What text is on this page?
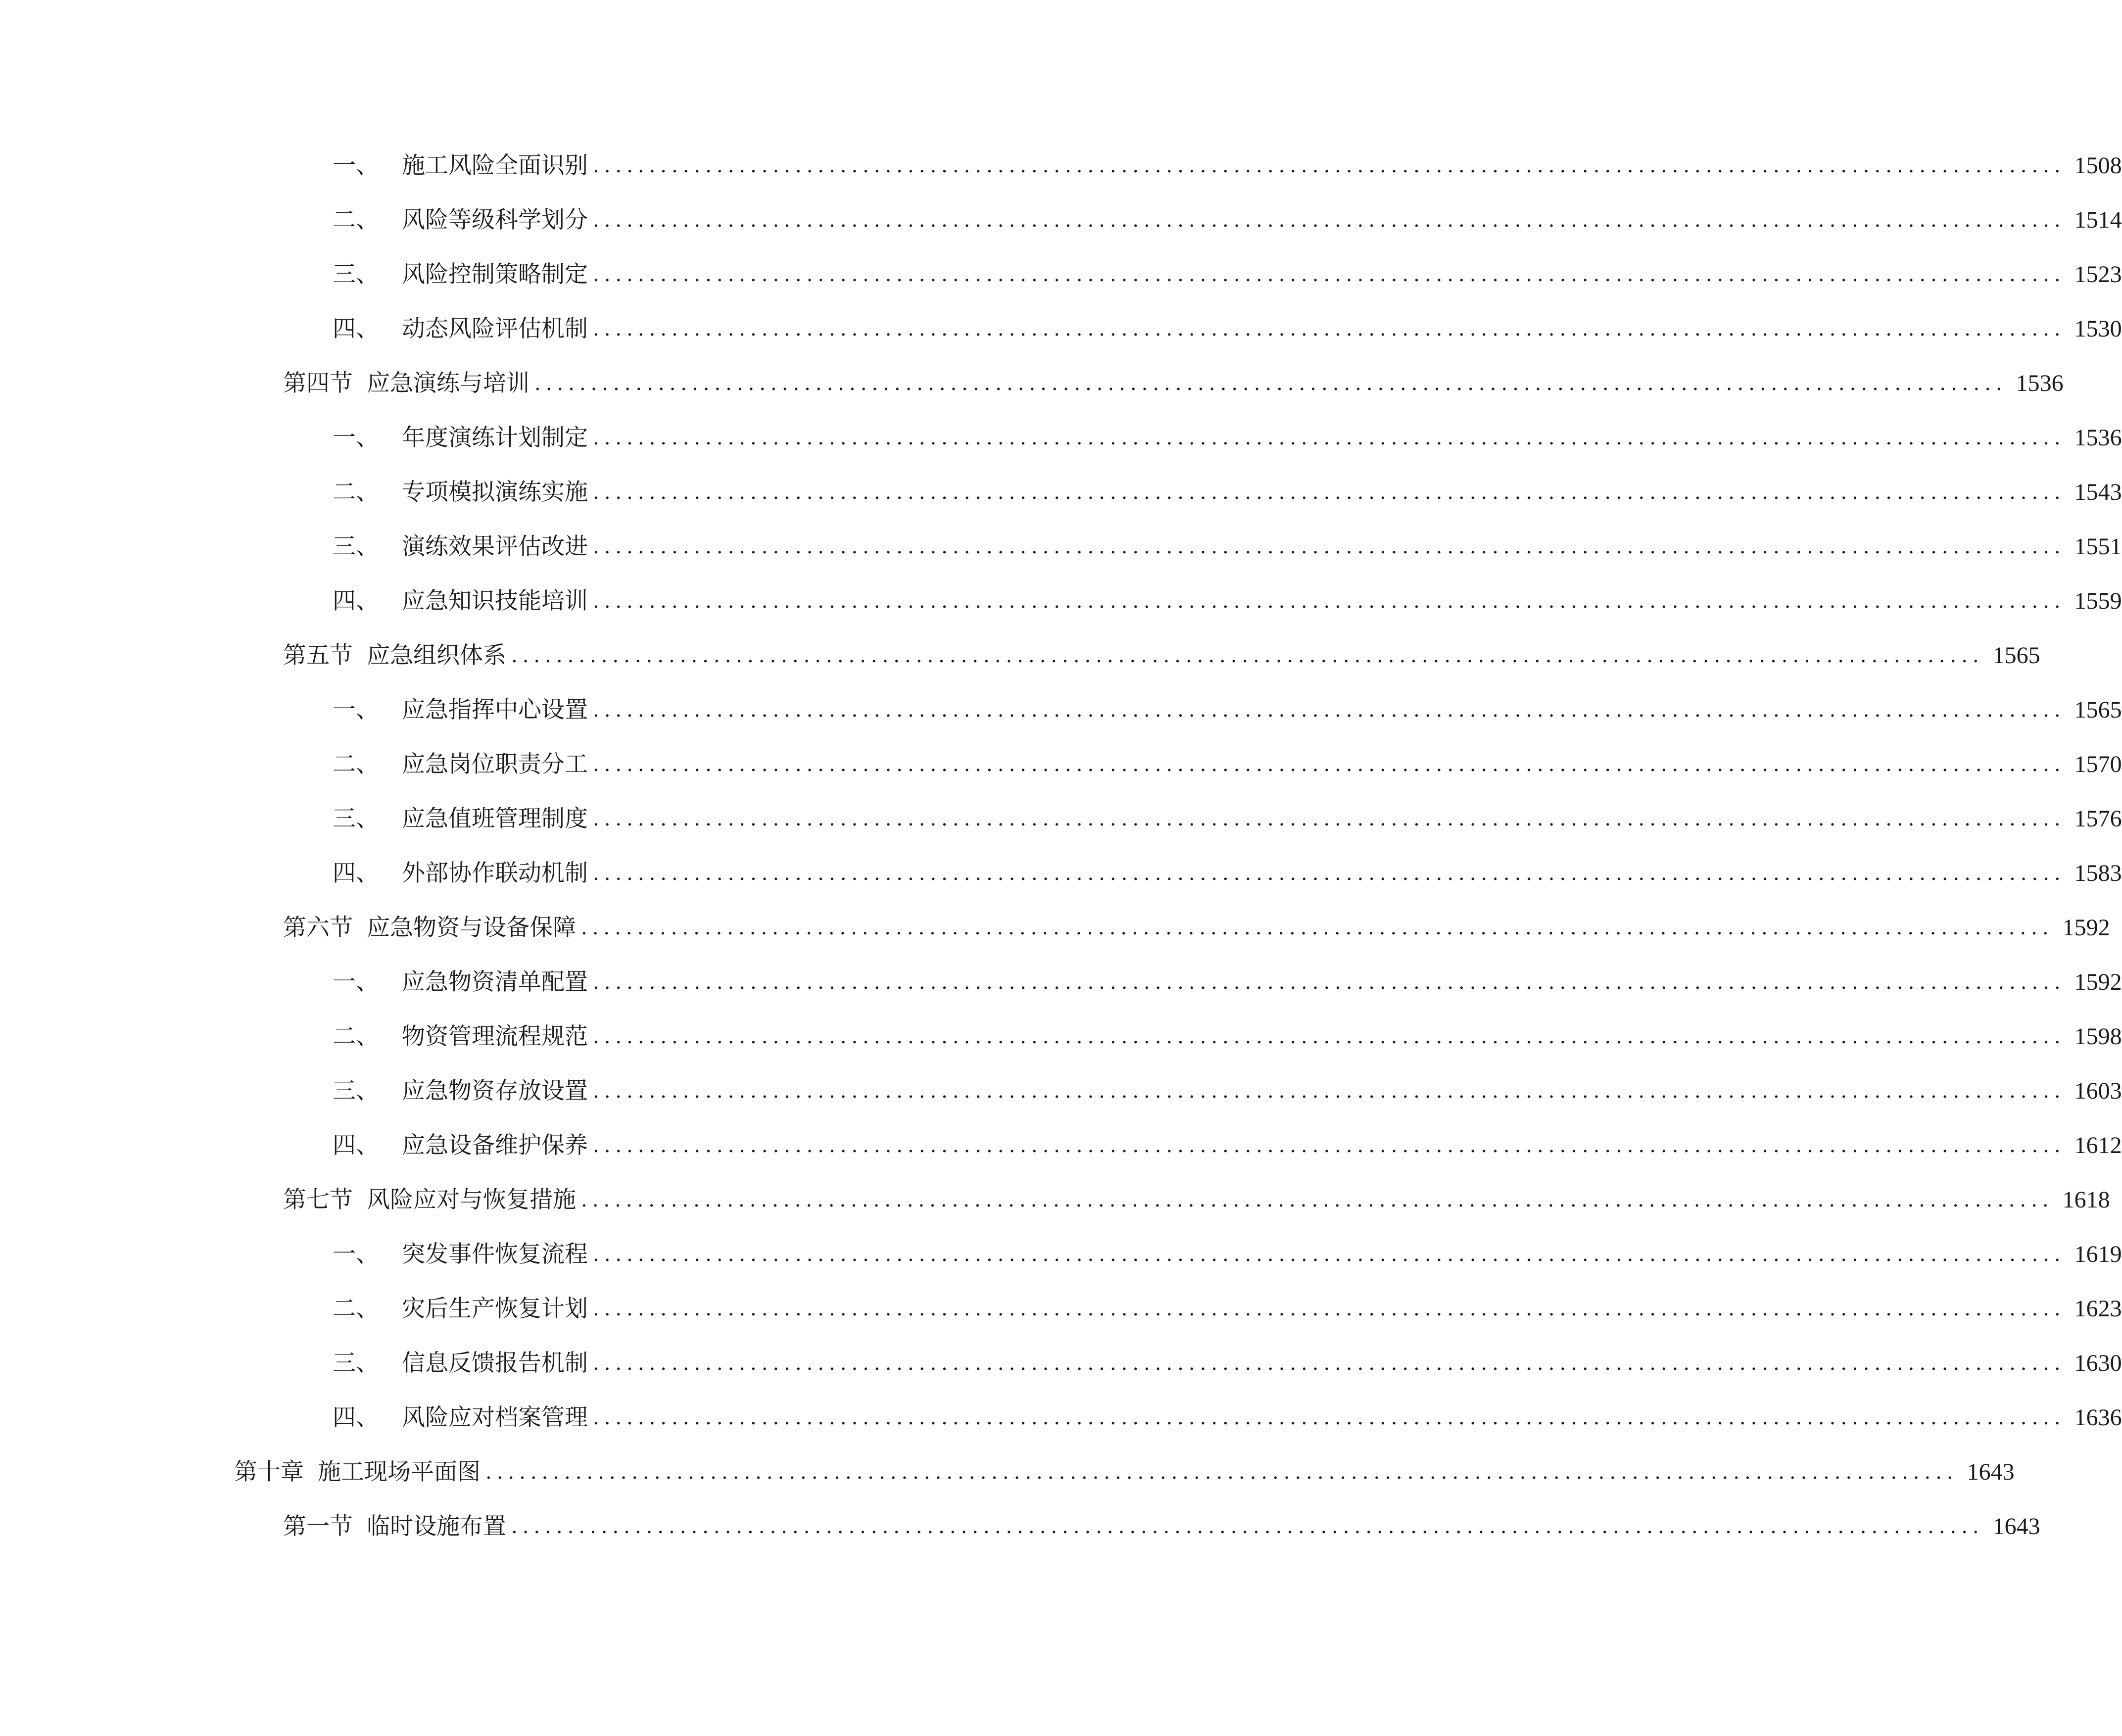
一、 施工风险全面识别 ................................................................................................................................... 1508
二、 风险等级科学划分 ................................................................................................................................... 1514
三、 风险控制策略制定 ................................................................................................................................... 1523
四、 动态风险评估机制 ................................................................................................................................... 1530
第四节 应急演练与培训 ................................................................................................................................... 1536
一、 年度演练计划制定 ................................................................................................................................... 1536
二、 专项模拟演练实施 ................................................................................................................................... 1543
三、 演练效果评估改进 ................................................................................................................................... 1551
四、 应急知识技能培训 ................................................................................................................................... 1559
第五节 应急组织体系 ................................................................................................................................... 1565
一、 应急指挥中心设置 ................................................................................................................................... 1565
二、 应急岗位职责分工 ................................................................................................................................... 1570
三、 应急值班管理制度 ................................................................................................................................... 1576
四、 外部协作联动机制 ................................................................................................................................... 1583
第六节 应急物资与设备保障 ................................................................................................................................... 1592
一、 应急物资清单配置 ................................................................................................................................... 1592
二、 物资管理流程规范 ................................................................................................................................... 1598
三、 应急物资存放设置 ................................................................................................................................... 1603
四、 应急设备维护保养 ................................................................................................................................... 1612
第七节 风险应对与恢复措施 ................................................................................................................................... 1618
一、 突发事件恢复流程 ................................................................................................................................... 1619
二、 灾后生产恢复计划 ................................................................................................................................... 1623
三、 信息反馈报告机制 ................................................................................................................................... 1630
四、 风险应对档案管理 ................................................................................................................................... 1636
第十章 施工现场平面图 ................................................................................................................................... 1643
第一节 临时设施布置 ................................................................................................................................... 1643
